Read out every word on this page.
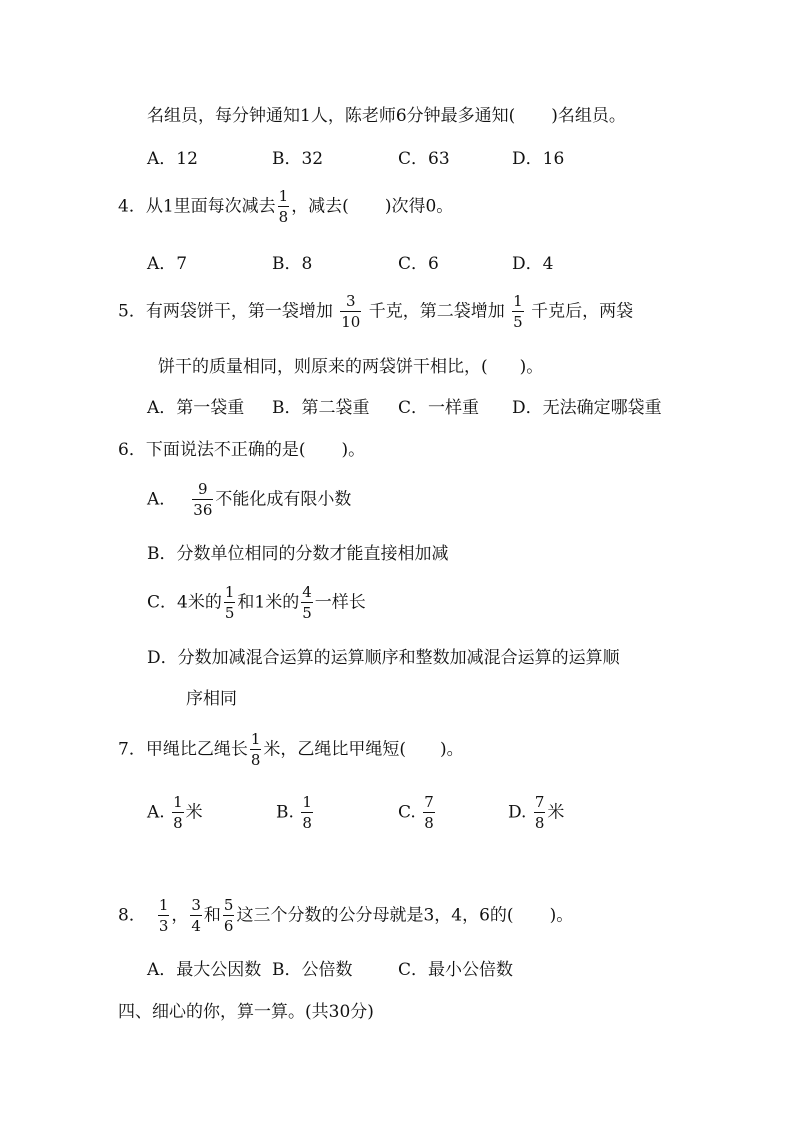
名组员，每分钟通知1人，陈老师6分钟最多通知( )名组员。
A．12	B．32	C．63	D．16
4．从1里面每次减去 $\frac{1}{8}$ ，减去( )次得0。
A．7	B．8	C．6	D．4
5．有两袋饼干，第一袋增加 $\frac{3}{10}$ 千克，第二袋增加 $\frac{1}{5}$ 千克后，两袋
饼干的质量相同，则原来的两袋饼干相比，( )。
A．第一袋重 B．第二袋重 C．一样重 D．无法确定哪袋重
6．下面说法不正确的是( )。
A． $\frac{9}{36}$ 不能化成有限小数
B．分数单位相同的分数才能直接相加减
C．4米的 $\frac{1}{5}$ 和1米的 $\frac{4}{5}$ 一样长
D．分数加减混合运算的运算顺序和整数加减混合运算的运算顺
序相同
7．甲绳比乙绳长 $\frac{1}{8}$ 米，乙绳比甲绳短( )。
A. $\frac{1}{8}$ 米	B. $\frac{1}{8}$	C. $\frac{7}{8}$	D. $\frac{7}{8}$ 米
8． $\frac{1}{3}$ ， $\frac{3}{4}$ 和 $\frac{5}{6}$ 这三个分数的公分母就是3，4，6的( )。
A．最大公因数 B．公倍数	C．最小公倍数
四、细心的你，算一算。(共30分)
